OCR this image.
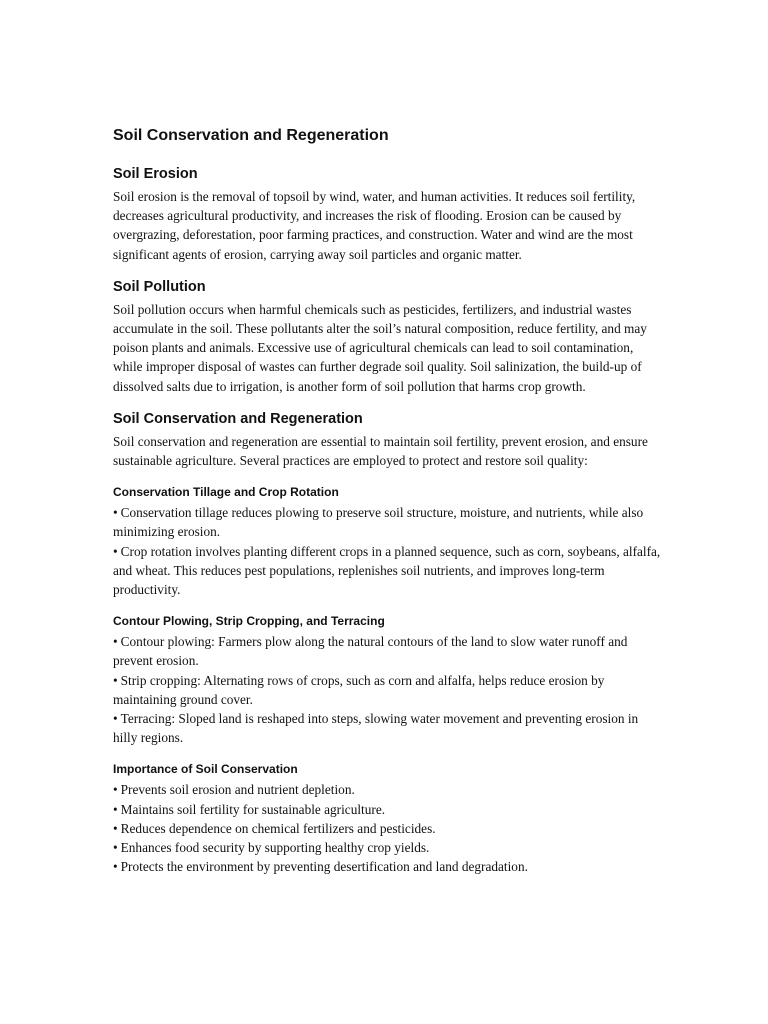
Soil Conservation and Regeneration
Soil Erosion

Soil erosion is the removal of topsoil by wind, water, and human activities. It reduces soil fertility, decreases agricultural productivity, and increases the risk of flooding. Erosion can be caused by overgrazing, deforestation, poor farming practices, and construction. Water and wind are the most significant agents of erosion, carrying away soil particles and organic matter.

Soil Pollution

Soil pollution occurs when harmful chemicals such as pesticides, fertilizers, and industrial wastes accumulate in the soil. These pollutants alter the soil’s natural composition, reduce fertility, and may poison plants and animals. Excessive use of agricultural chemicals can lead to soil contamination, while improper disposal of wastes can further degrade soil quality. Soil salinization, the build-up of dissolved salts due to irrigation, is another form of soil pollution that harms crop growth.

Soil Conservation and Regeneration

Soil conservation and regeneration are essential to maintain soil fertility, prevent erosion, and ensure sustainable agriculture. Several practices are employed to protect and restore soil quality:

Conservation Tillage and Crop Rotation
• Conservation tillage reduces plowing to preserve soil structure, moisture, and nutrients, while also minimizing erosion.
• Crop rotation involves planting different crops in a planned sequence, such as corn, soybeans, alfalfa, and wheat. This reduces pest populations, replenishes soil nutrients, and improves long-term productivity.
Contour Plowing, Strip Cropping, and Terracing
• Contour plowing: Farmers plow along the natural contours of the land to slow water runoff and prevent erosion.
• Strip cropping: Alternating rows of crops, such as corn and alfalfa, helps reduce erosion by maintaining ground cover.
• Terracing: Sloped land is reshaped into steps, slowing water movement and preventing erosion in hilly regions.
Importance of Soil Conservation
• Prevents soil erosion and nutrient depletion.
• Maintains soil fertility for sustainable agriculture.
• Reduces dependence on chemical fertilizers and pesticides.
• Enhances food security by supporting healthy crop yields.
• Protects the environment by preventing desertification and land degradation.
